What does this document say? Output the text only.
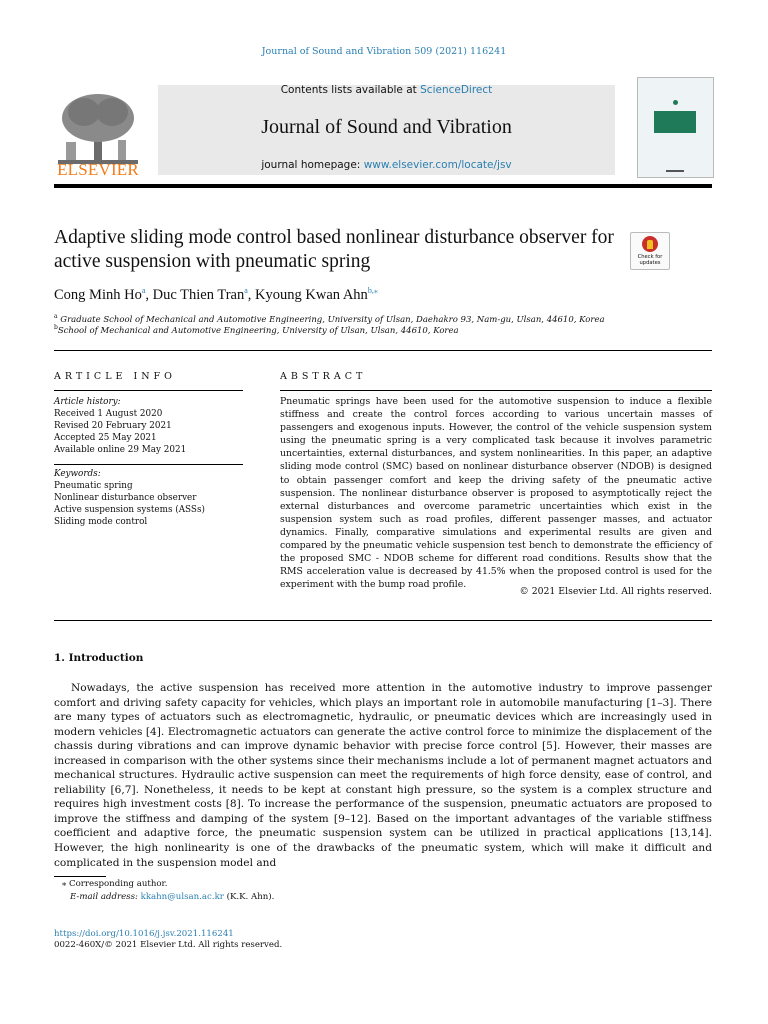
Journal of Sound and Vibration 509 (2021) 116241
ELSEVIER
Contents lists available at ScienceDirect
Journal of Sound and Vibration
journal homepage: www.elsevier.com/locate/jsv
Adaptive sliding mode control based nonlinear disturbance observer for active suspension with pneumatic spring	Check for
updates
Cong Minh Ho$^a$, Duc Thien Tran$^a$, Kyoung Kwan Ahn$^{b,⁎}$
$^a$ Graduate School of Mechanical and Automotive Engineering, University of Ulsan, Daehakro 93, Nam-gu, Ulsan, 44610, Korea
$^b$School of Mechanical and Automotive Engineering, University of Ulsan, Ulsan, 44610, Korea
ARTICLE INFO
Article history:
Received 1 August 2020
Revised 20 February 2021
Accepted 25 May 2021
Available online 29 May 2021
Keywords:
Pneumatic spring
Nonlinear disturbance observer
Active suspension systems (ASSs)
Sliding mode control
ABSTRACT
Pneumatic springs have been used for the automotive suspension to induce a flexible stiffness and create the control forces according to various uncertain masses of passengers and exogenous inputs. However, the control of the vehicle suspension system using the pneumatic spring is a very complicated task because it involves parametric uncertainties, external disturbances, and system nonlinearities. In this paper, an adaptive sliding mode control (SMC) based on nonlinear disturbance observer (NDOB) is designed to obtain passenger comfort and keep the driving safety of the pneumatic active suspension. The nonlinear disturbance observer is proposed to asymptotically reject the external disturbances and overcome parametric uncertainties which exist in the suspension system such as road profiles, different passenger masses, and actuator dynamics. Finally, comparative simulations and experimental results are given and compared by the pneumatic vehicle suspension test bench to demonstrate the efficiency of the proposed SMC - NDOB scheme for different road conditions. Results show that the RMS acceleration value is decreased by 41.5% when the proposed control is used for the experiment with the bump road profile.
© 2021 Elsevier Ltd. All rights reserved.
1. Introduction

Nowadays, the active suspension has received more attention in the automotive industry to improve passenger comfort and driving safety capacity for vehicles, which plays an important role in automobile manufacturing [1–3]. There are many types of actuators such as electromagnetic, hydraulic, or pneumatic devices which are increasingly used in modern vehicles [4]. Electromagnetic actuators can generate the active control force to minimize the displacement of the chassis during vibrations and can improve dynamic behavior with precise force control [5]. However, their masses are increased in comparison with the other systems since their mechanisms include a lot of permanent magnet actuators and mechanical structures. Hydraulic active suspension can meet the requirements of high force density, ease of control, and reliability [6,7]. Nonetheless, it needs to be kept at constant high pressure, so the system is a complex structure and requires high investment costs [8]. To increase the performance of the suspension, pneumatic actuators are proposed to improve the stiffness and damping of the system [9–12]. Based on the important advantages of the variable stiffness coefficient and adaptive force, the pneumatic suspension system can be utilized in practical applications [13,14]. However, the high nonlinearity is one of the drawbacks of the pneumatic system, which will make it difficult and complicated in the suspension model and

⁎ Corresponding author.
E-mail address: kkahn@ulsan.ac.kr (K.K. Ahn).
https://doi.org/10.1016/j.jsv.2021.116241
0022-460X/© 2021 Elsevier Ltd. All rights reserved.
